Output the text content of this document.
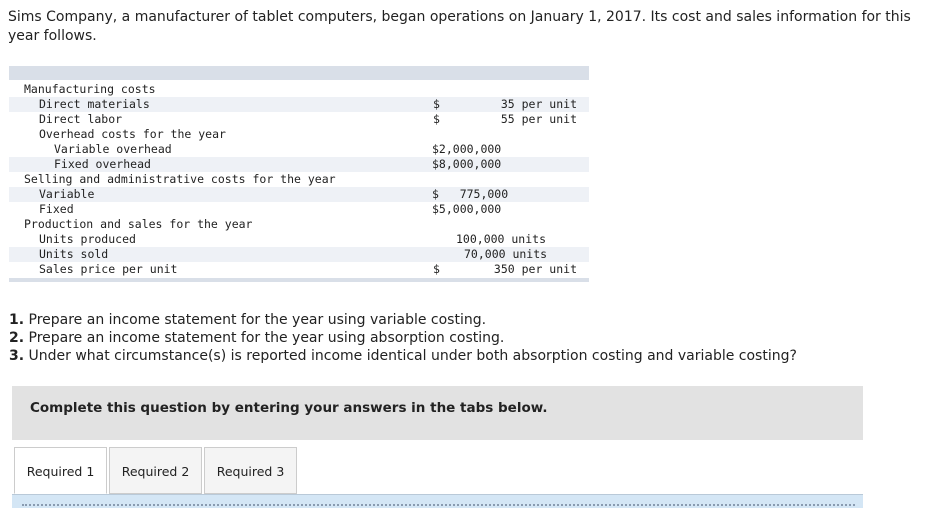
Sims Company, a manufacturer of tablet computers, began operations on January 1, 2017. Its cost and sales information for this year follows.
Manufacturing costs
Direct materials	$	35 per unit
Direct labor	$	55 per unit
Overhead costs for the year
Variable overhead	$2,000,000
Fixed overhead	$8,000,000
Selling and administrative costs for the year
Variable	$   775,000
Fixed	$5,000,000
Production and sales for the year
Units produced	100,000 units
Units sold	70,000 units
Sales price per unit	$	350 per unit
1. Prepare an income statement for the year using variable costing.
2. Prepare an income statement for the year using absorption costing.
3. Under what circumstance(s) is reported income identical under both absorption costing and variable costing?
Complete this question by entering your answers in the tabs below.
Required 1	Required 2	Required 3
